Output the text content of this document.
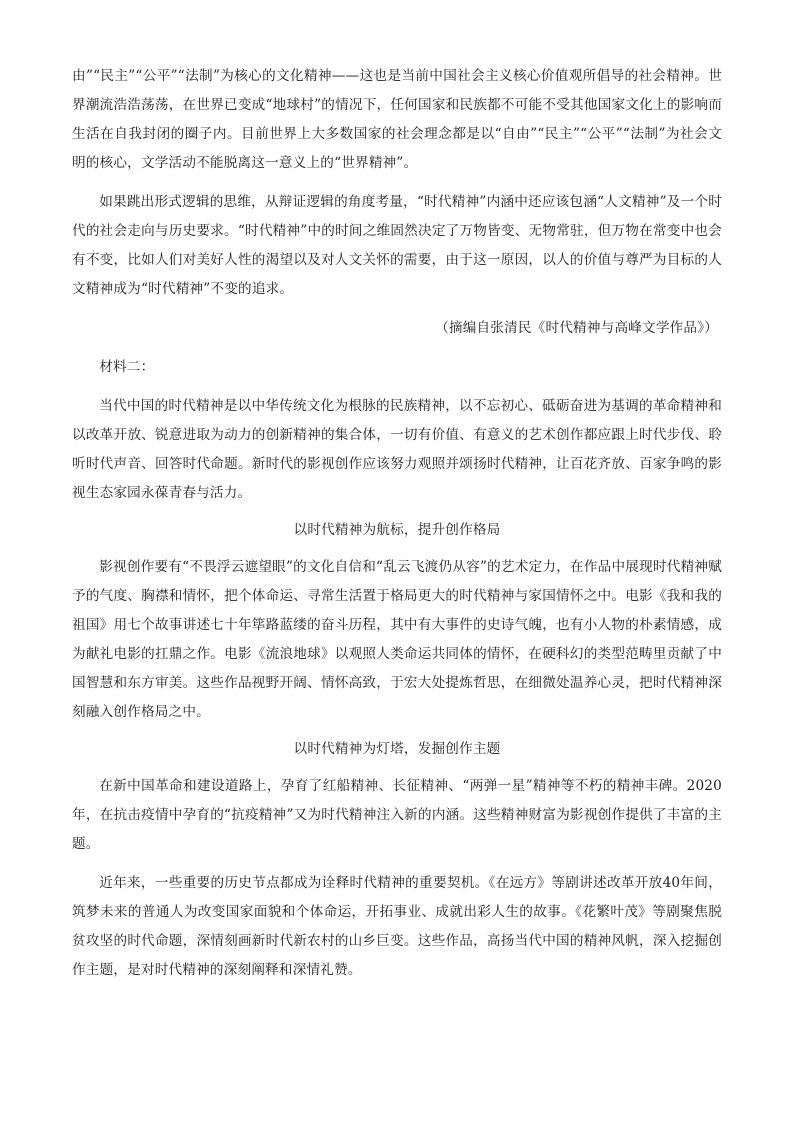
由”“民主”“公平”“法制”为核心的文化精神——这也是当前中国社会主义核心价值观所倡导的社会精神。世界潮流浩浩荡荡，在世界已变成“地球村”的情况下，任何国家和民族都不可能不受其他国家文化上的影响而生活在自我封闭的圈子内。目前世界上大多数国家的社会理念都是以“自由”“民主”“公平”“法制”为社会文明的核心，文学活动不能脱离这一意义上的“世界精神”。

如果跳出形式逻辑的思维，从辩证逻辑的角度考量，“时代精神”内涵中还应该包涵“人文精神”及一个时代的社会走向与历史要求。“时代精神”中的时间之维固然决定了万物皆变、无物常驻，但万物在常变中也会有不变，比如人们对美好人性的渴望以及对人文关怀的需要，由于这一原因，以人的价值与尊严为目标的人文精神成为“时代精神”不变的追求。

（摘编自张清民《时代精神与高峰文学作品》）

材料二：

当代中国的时代精神是以中华传统文化为根脉的民族精神，以不忘初心、砥砺奋进为基调的革命精神和以改革开放、锐意进取为动力的创新精神的集合体，一切有价值、有意义的艺术创作都应跟上时代步伐、聆听时代声音、回答时代命题。新时代的影视创作应该努力观照并颂扬时代精神，让百花齐放、百家争鸣的影视生态家园永葆青春与活力。

以时代精神为航标，提升创作格局

影视创作要有“不畏浮云遮望眼”的文化自信和“乱云飞渡仍从容”的艺术定力，在作品中展现时代精神赋予的气度、胸襟和情怀，把个体命运、寻常生活置于格局更大的时代精神与家国情怀之中。电影《我和我的祖国》用七个故事讲述七十年筚路蓝缕的奋斗历程，其中有大事件的史诗气魄，也有小人物的朴素情感，成为献礼电影的扛鼎之作。电影《流浪地球》以观照人类命运共同体的情怀，在硬科幻的类型范畴里贡献了中国智慧和东方审美。这些作品视野开阔、情怀高致，于宏大处提炼哲思，在细微处温养心灵，把时代精神深刻融入创作格局之中。

以时代精神为灯塔，发掘创作主题

在新中国革命和建设道路上，孕育了红船精神、长征精神、“两弹一星”精神等不朽的精神丰碑。2020年，在抗击疫情中孕育的“抗疫精神”又为时代精神注入新的内涵。这些精神财富为影视创作提供了丰富的主题。

近年来，一些重要的历史节点都成为诠释时代精神的重要契机。《在远方》等剧讲述改革开放40年间，筑梦未来的普通人为改变国家面貌和个体命运，开拓事业、成就出彩人生的故事。《花繁叶茂》等剧聚焦脱贫攻坚的时代命题，深情刻画新时代新农村的山乡巨变。这些作品，高扬当代中国的精神风帆，深入挖掘创作主题，是对时代精神的深刻阐释和深情礼赞。
